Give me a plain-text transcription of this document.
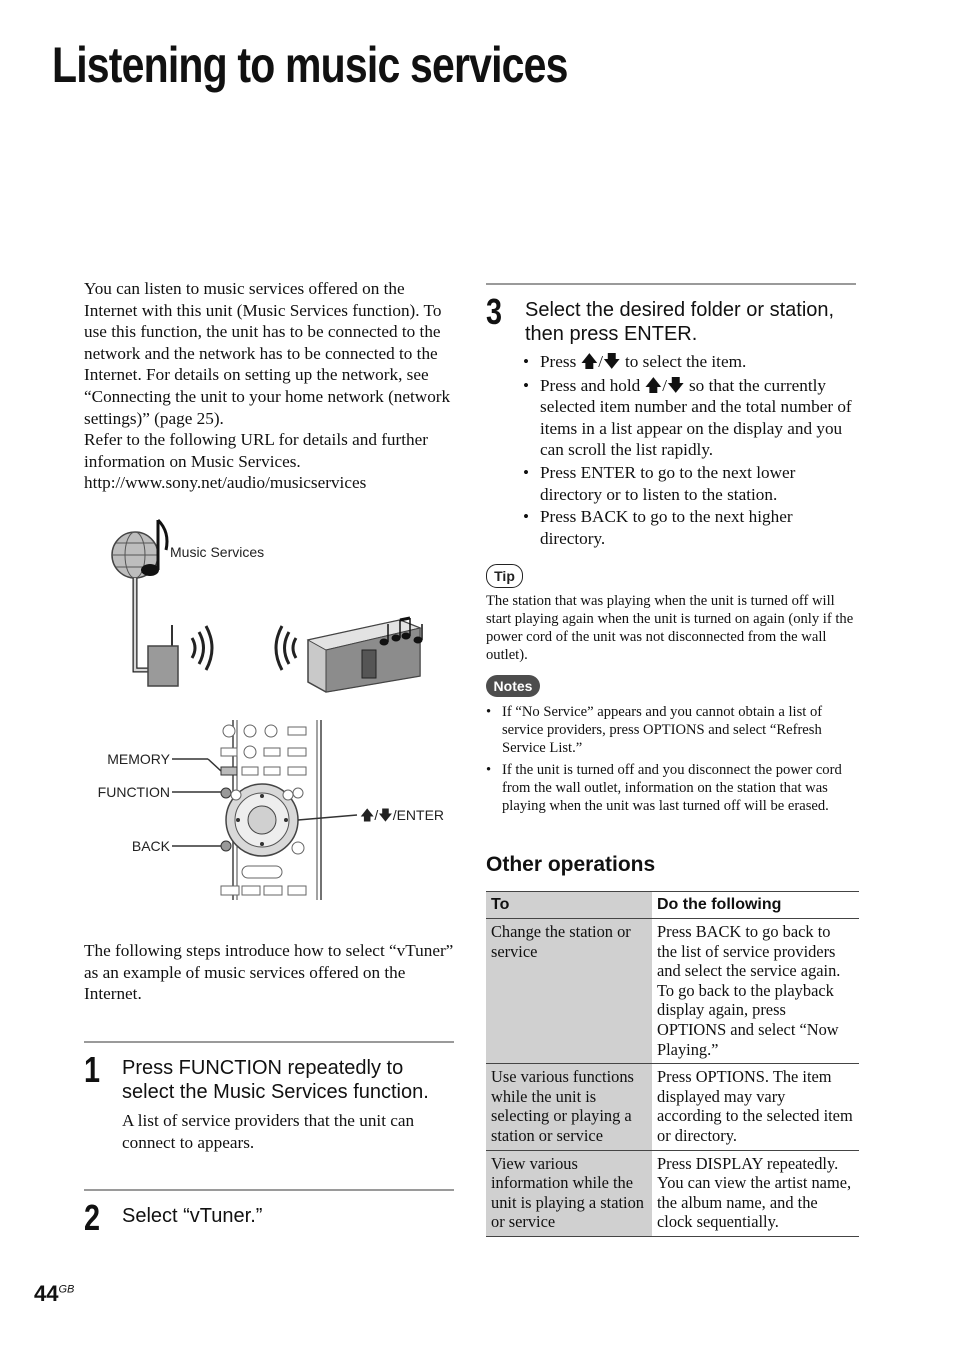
Listening to music services

You can listen to music services offered on the Internet with this unit (Music Services function). To use this function, the unit has to be connected to the network and the network has to be connected to the Internet. For details on setting up the network, see “Connecting the unit to your home network (network settings)” (page 25).

Refer to the following URL for details and further information on Music Services.

http://www.sony.net/audio/musicservices

Music Services
MEMORY
FUNCTION
BACK
🡅/🡇/ENTER
The following steps introduce how to select “vTuner” as an example of music services offered on the Internet.
1 Press FUNCTION repeatedly to select the Music Services function.
A list of service providers that the unit can connect to appears.
2 Select “vTuner.”
3 Select the desired folder or station, then press ENTER.
• Press 🡅/🡇 to select the item.
• Press and hold 🡅/🡇 so that the currently selected item number and the total number of items in a list appear on the display and you can scroll the list rapidly.
• Press ENTER to go to the next lower directory or to listen to the station.
• Press BACK to go to the next higher directory.
Tip
The station that was playing when the unit is turned off will start playing again when the unit is turned on again (only if the power cord of the unit was not disconnected from the wall outlet).
Notes
• If “No Service” appears and you cannot obtain a list of service providers, press OPTIONS and select “Refresh Service List.”
• If the unit is turned off and you disconnect the power cord from the wall outlet, information on the station that was playing when the unit was last turned off will be erased.
Other operations
To	Do the following
Change the station or service	Press BACK to go back to the list of service providers and select the service again. To go back to the playback display again, press OPTIONS and select “Now Playing.”
Use various functions while the unit is selecting or playing a station or service	Press OPTIONS. The item displayed may vary according to the selected item or directory.
View various information while the unit is playing a station or service	Press DISPLAY repeatedly. You can view the artist name, the album name, and the clock sequentially.
$44^{GB}$
